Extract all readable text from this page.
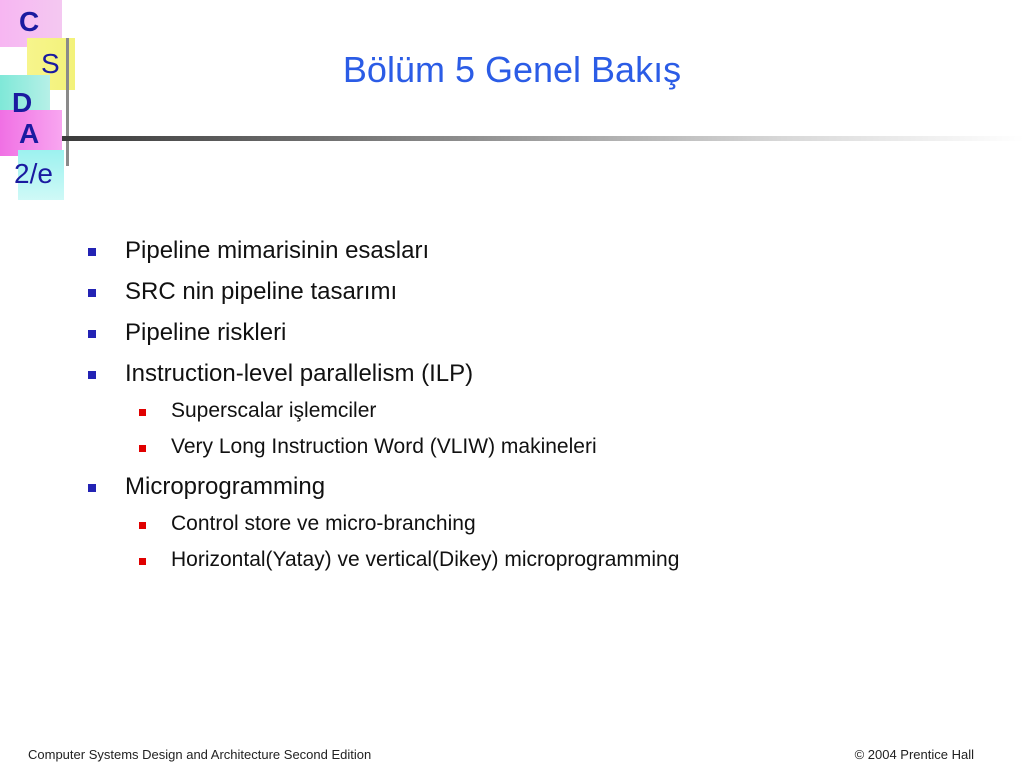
C
S
D
A
2/e
Bölüm 5 Genel Bakış
Pipeline mimarisinin esasları
SRC nin pipeline tasarımı
Pipeline riskleri
Instruction-level parallelism (ILP)
Superscalar işlemciler
Very Long Instruction Word (VLIW) makineleri
Microprogramming
Control store ve micro-branching
Horizontal(Yatay) ve vertical(Dikey) microprogramming
Computer Systems Design and Architecture Second Edition	© 2004 Prentice Hall
